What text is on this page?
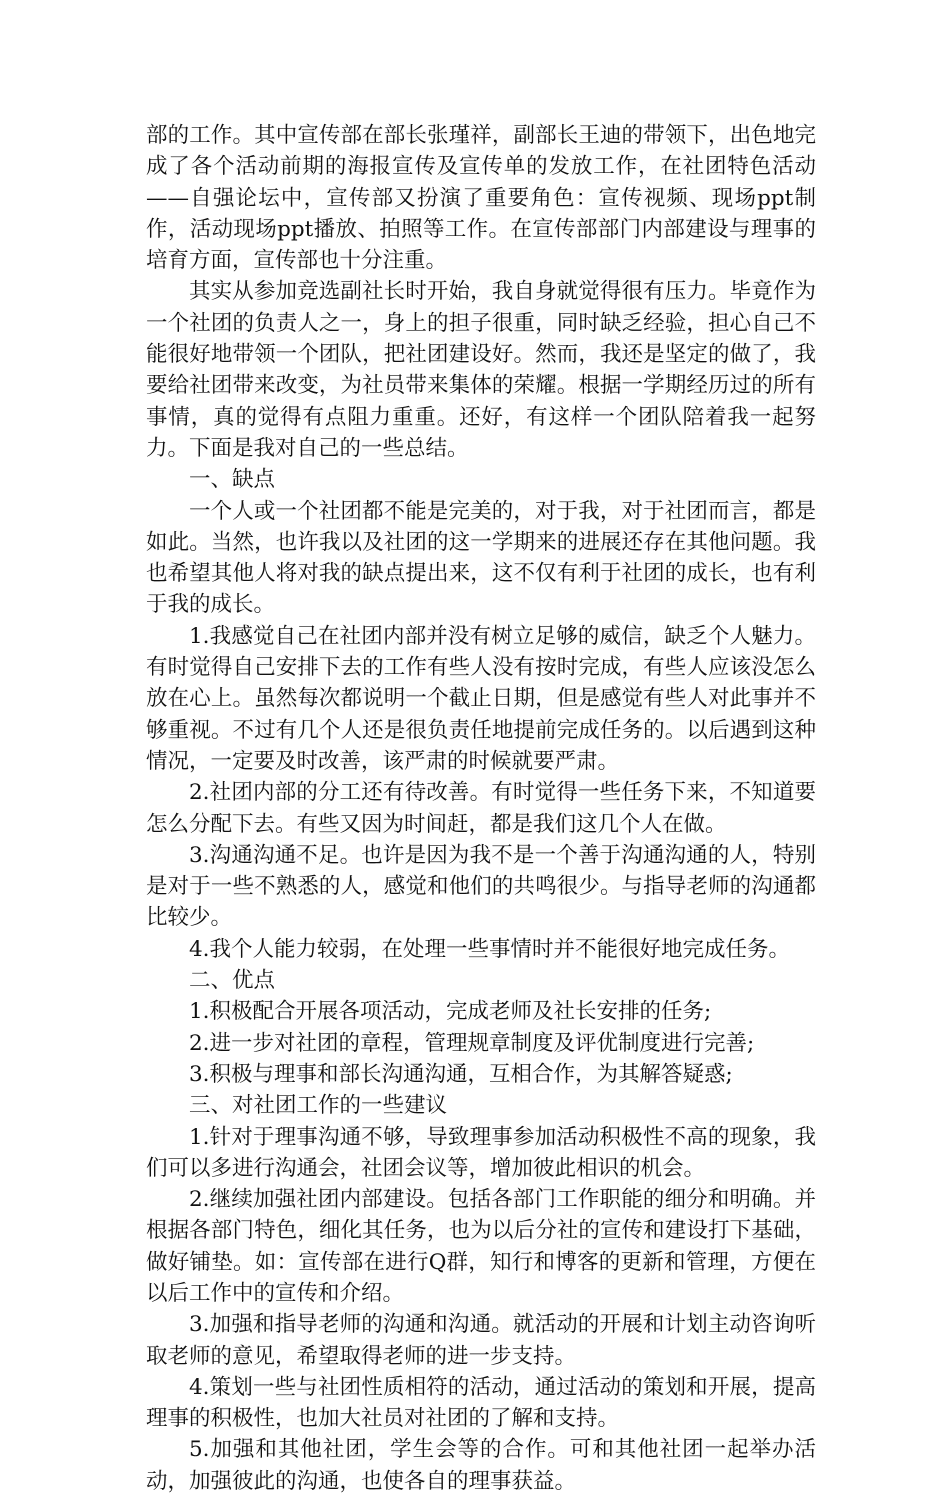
部的工作。其中宣传部在部长张瑾祥，副部长王迪的带领下，出色地完成了各个活动前期的海报宣传及宣传单的发放工作，在社团特色活动——自强论坛中，宣传部又扮演了重要角色：宣传视频、现场ppt制作，活动现场ppt播放、拍照等工作。在宣传部部门内部建设与理事的培育方面，宣传部也十分注重。

其实从参加竞选副社长时开始，我自身就觉得很有压力。毕竟作为一个社团的负责人之一，身上的担子很重，同时缺乏经验，担心自己不能很好地带领一个团队，把社团建设好。然而，我还是坚定的做了，我要给社团带来改变，为社员带来集体的荣耀。根据一学期经历过的所有事情，真的觉得有点阻力重重。还好，有这样一个团队陪着我一起努力。下面是我对自己的一些总结。

一、缺点

一个人或一个社团都不能是完美的，对于我，对于社团而言，都是如此。当然，也许我以及社团的这一学期来的进展还存在其他问题。我也希望其他人将对我的缺点提出来，这不仅有利于社团的成长，也有利于我的成长。

1.我感觉自己在社团内部并没有树立足够的威信，缺乏个人魅力。有时觉得自己安排下去的工作有些人没有按时完成，有些人应该没怎么放在心上。虽然每次都说明一个截止日期，但是感觉有些人对此事并不够重视。不过有几个人还是很负责任地提前完成任务的。以后遇到这种情况，一定要及时改善，该严肃的时候就要严肃。

2.社团内部的分工还有待改善。有时觉得一些任务下来，不知道要怎么分配下去。有些又因为时间赶，都是我们这几个人在做。

3.沟通沟通不足。也许是因为我不是一个善于沟通沟通的人，特别是对于一些不熟悉的人，感觉和他们的共鸣很少。与指导老师的沟通都比较少。

4.我个人能力较弱，在处理一些事情时并不能很好地完成任务。

二、优点

1.积极配合开展各项活动，完成老师及社长安排的任务;

2.进一步对社团的章程，管理规章制度及评优制度进行完善;

3.积极与理事和部长沟通沟通，互相合作，为其解答疑惑;

三、对社团工作的一些建议

1.针对于理事沟通不够，导致理事参加活动积极性不高的现象，我们可以多进行沟通会，社团会议等，增加彼此相识的机会。

2.继续加强社团内部建设。包括各部门工作职能的细分和明确。并根据各部门特色，细化其任务，也为以后分社的宣传和建设打下基础，做好铺垫。如：宣传部在进行Q群，知行和博客的更新和管理，方便在以后工作中的宣传和介绍。

3.加强和指导老师的沟通和沟通。就活动的开展和计划主动咨询听取老师的意见，希望取得老师的进一步支持。

4.策划一些与社团性质相符的活动，通过活动的策划和开展，提高理事的积极性，也加大社员对社团的了解和支持。

5.加强和其他社团，学生会等的合作。可和其他社团一起举办活动，加强彼此的沟通，也使各自的理事获益。
